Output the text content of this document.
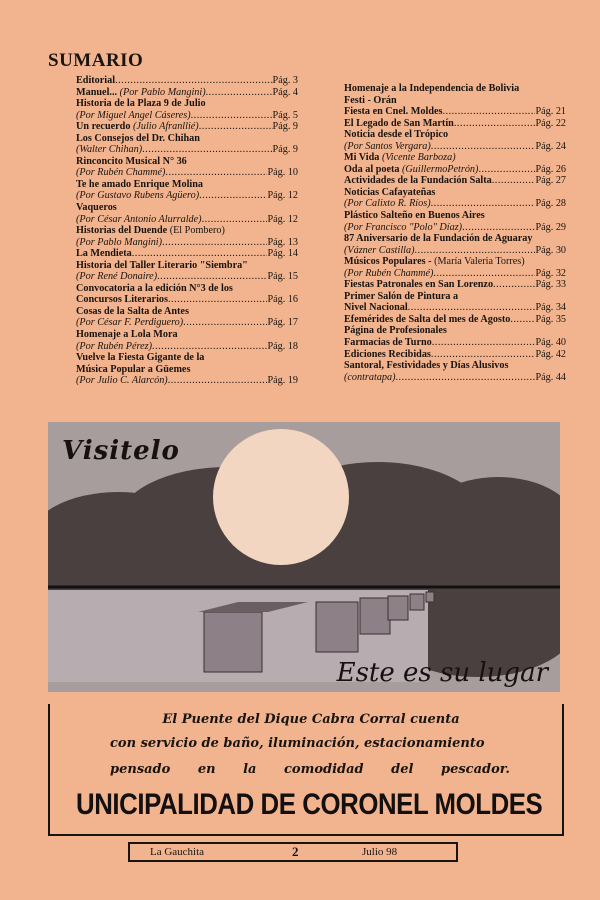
SUMARIO
Editorial .....	Pág. 3
Manuel... (Por Pablo Mangini) .....	Pág. 4
Historia de la Plaza 9 de Julio
(Por Miguel Angel Cáseres) .....	Pág. 5
Un recuerdo (Julio Afranllié) .....	Pág. 9
Los Consejos del Dr. Chihan
(Walter Chihan) .....	Pág. 9
Rinconcito Musical N° 36
(Por Rubén Chammé) .....	Pág. 10
Te he amado Enrique Molina
(Por Gustavo Rubens Agüero) .....	Pág. 12
Vaqueros
(Por César Antonio Alurralde) .....	Pág. 12
Historias del Duende (El Pombero)
(Por Pablo Mangini) .....	Pág. 13
La Mendieta .....	Pág. 14
Historia del Taller Literario "Siembra"
(Por René Donaire) .....	Pág. 15
Convocatoria a la edición N°3 de los
Concursos Literarios .....	Pág. 16
Cosas de la Salta de Antes
(Por César F. Perdiguero) .....	Pág. 17
Homenaje a Lola Mora
(Por Rubén Pérez) .....	Pág. 18
Vuelve la Fiesta Gigante de la
Música Popular a Güemes
(Por Julio C. Alarcón) .....	Pág. 19
Homenaje a la Independencia de Bolivia
Festi - Orán
Fiesta en Cnel. Moldes .....	Pág. 21
El Legado de San Martín .....	Pág. 22
Noticia desde el Trópico
(Por Santos Vergara) .....	Pág. 24
Mi Vida (Vicente Barboza)
Oda al poeta (GuillermoPetrón) .....	Pág. 26
Actividades de la Fundación Salta .....	Pág. 27
Noticias Cafayateñas
(Por Calixto R. Ríos) .....	Pág. 28
Plástico Salteño en Buenos Aires
(Por Francisco "Polo" Díaz) .....	Pág. 29
87 Aniversario de la Fundación de Aguaray
(Vázner Castilla) .....	Pág. 30
Músicos Populares - (María Valeria Torres)
(Por Rubén Chammé) .....	Pág. 32
Fiestas Patronales en San Lorenzo .....	Pág. 33
Primer Salón de Pintura a
Nivel Nacional .....	Pág. 34
Efemérides de Salta del mes de Agosto ..... Pág. 35
Página de Profesionales
Farmacias de Turno .....	Pág. 40
Ediciones Recibidas .....	Pág. 42
Santoral, Festividades y Días Alusivos
(contratapa) .....	Pág. 44
Visitelo
Este es su lugar
El Puente del Dique Cabra Corral cuenta
con servicio de baño, iluminación, estacionamiento
pensado en la comodidad del pescador.
UNICIPALIDAD DE CORONEL MOLDES
La Gauchita	2	Julio 98
